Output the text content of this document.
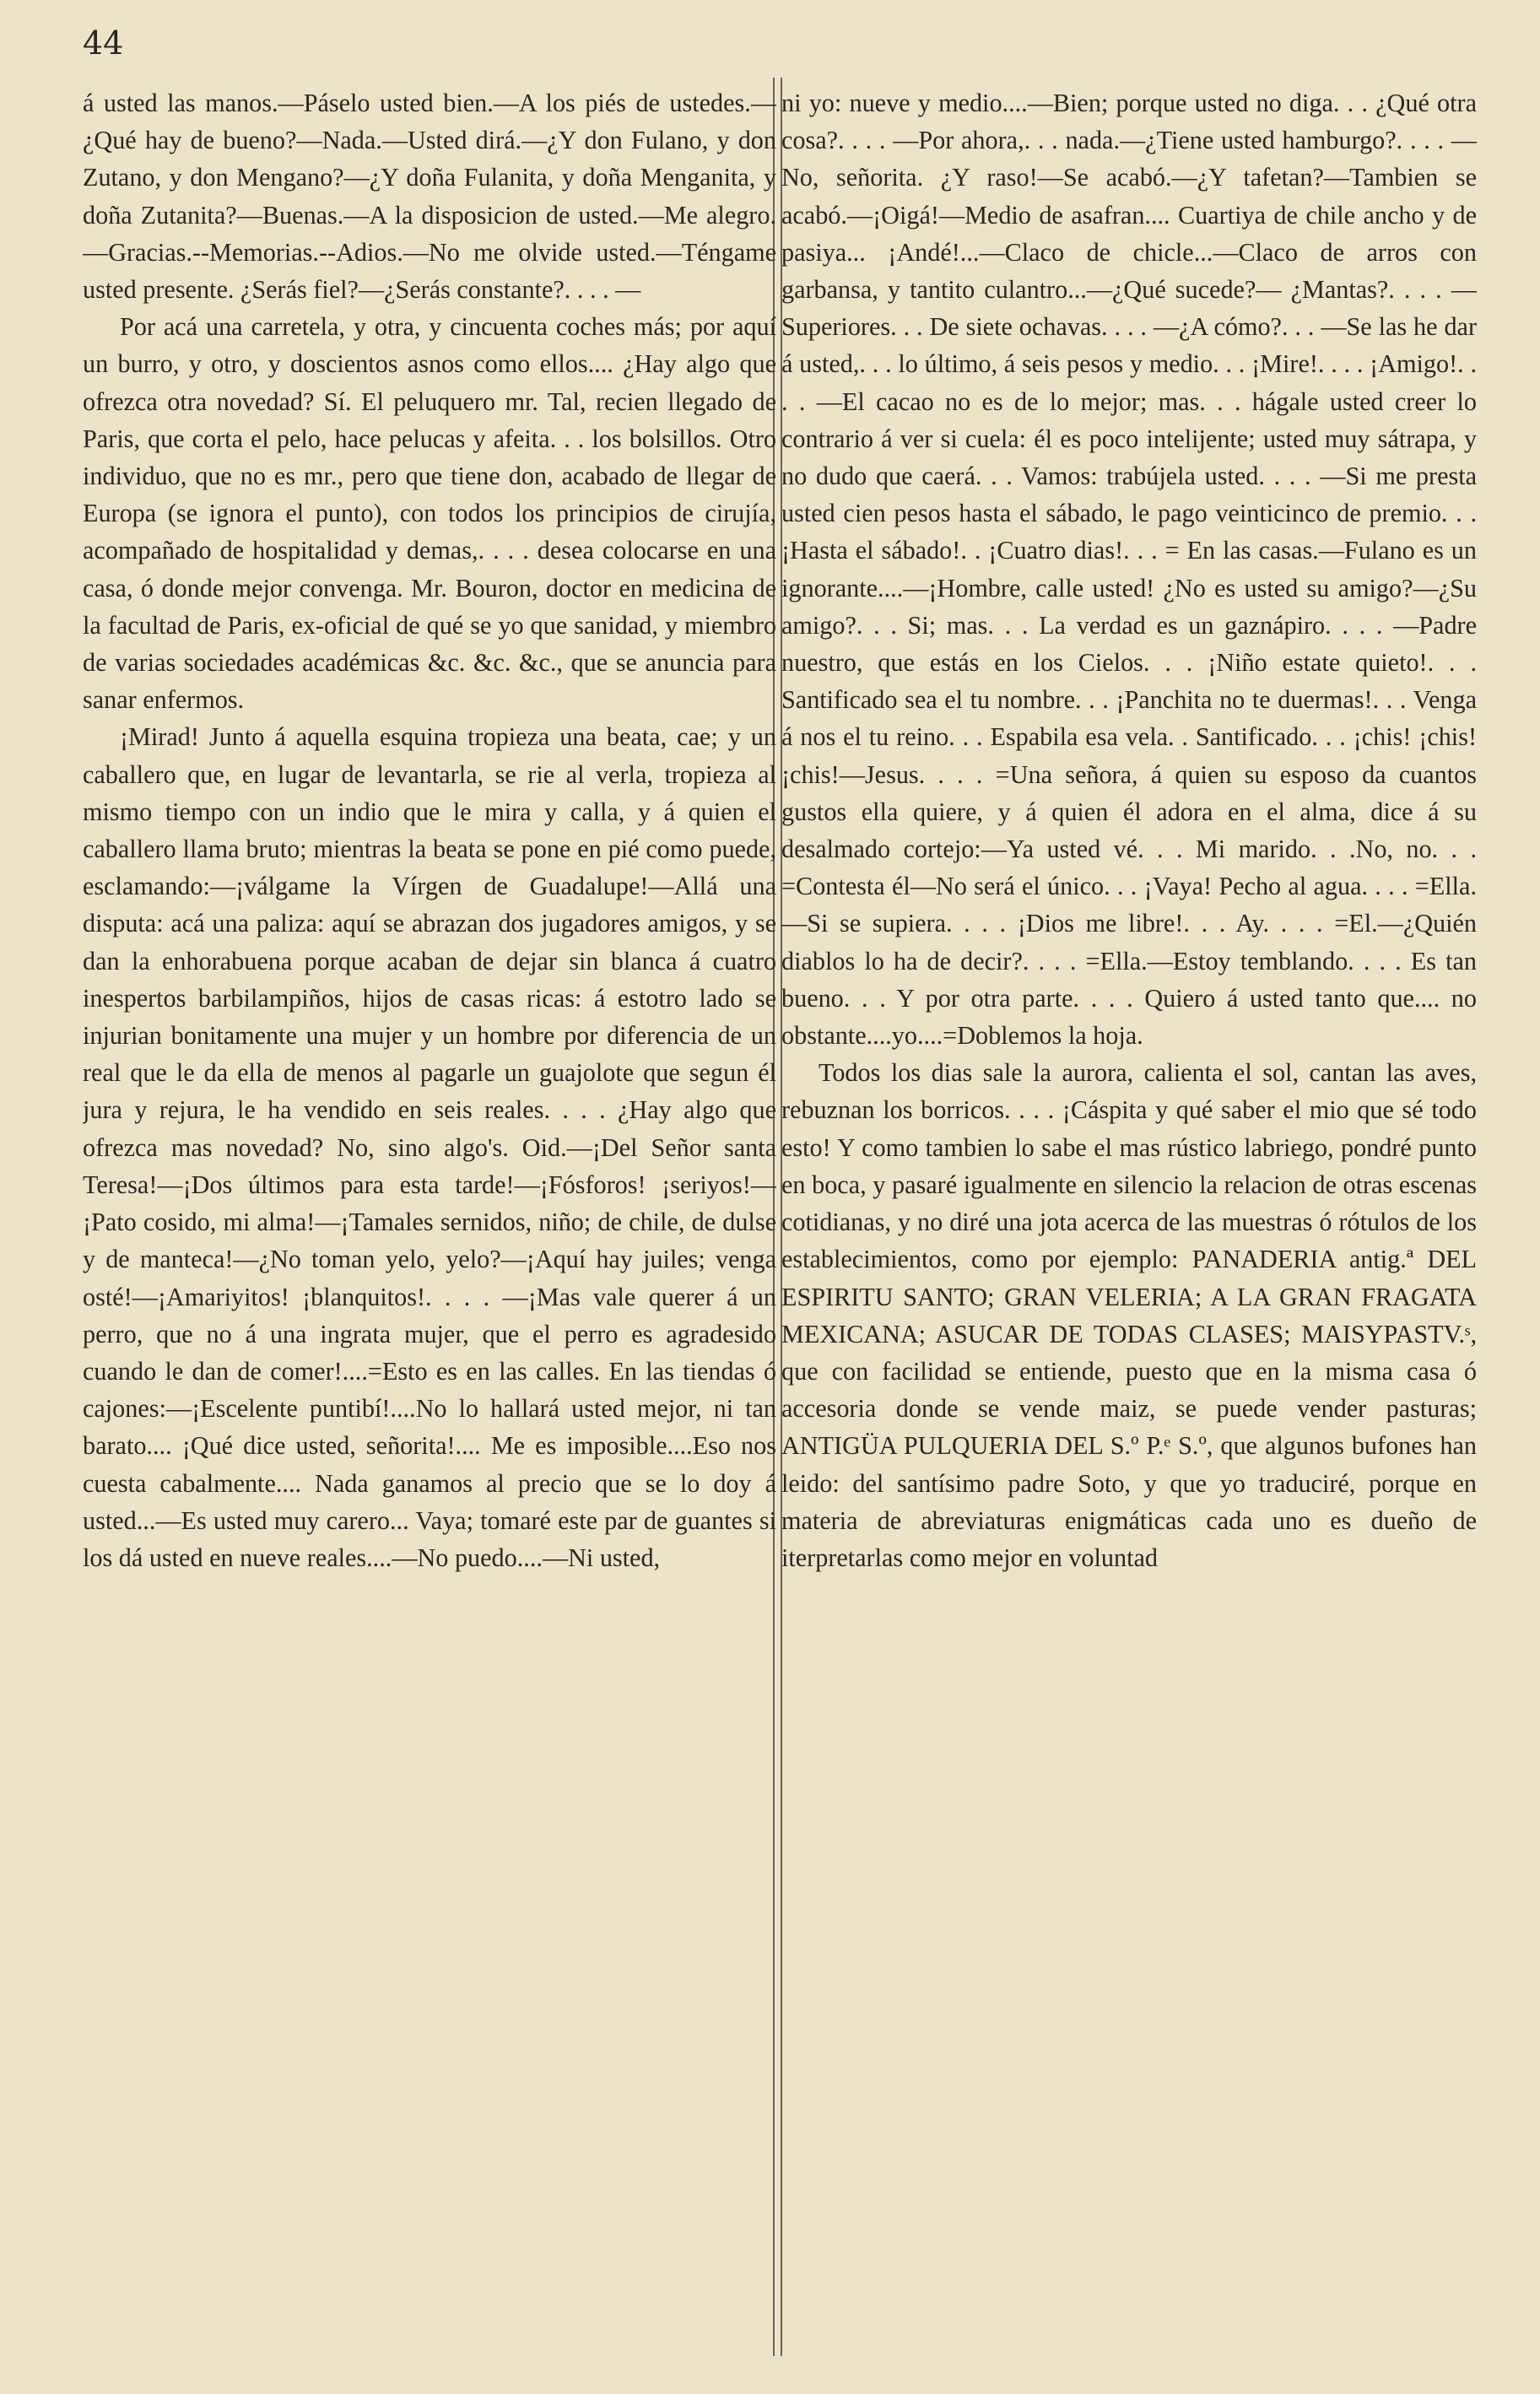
44

á usted las manos.—Páselo usted bien.—A los piés de ustedes.—¿Qué hay de bueno?—Nada.—Usted dirá.—¿Y don Fulano, y don Zutano, y don Mengano?—¿Y doña Fulanita, y doña Menganita, y doña Zutanita?—Buenas.—A la disposicion de usted.—Me alegro.—Gracias.--Memorias.--Adios.—No me olvide usted.—Téngame usted presente. ¿Serás fiel?—¿Serás constante?. . . . —

Por acá una carretela, y otra, y cincuenta coches más; por aquí un burro, y otro, y doscientos asnos como ellos.... ¿Hay algo que ofrezca otra novedad? Sí. El peluquero mr. Tal, recien llegado de Paris, que corta el pelo, hace pelucas y afeita. . . los bolsillos. Otro individuo, que no es mr., pero que tiene don, acabado de llegar de Europa (se ignora el punto), con todos los principios de cirujía, acompañado de hospitalidad y demas,. . . . desea colocarse en una casa, ó donde mejor convenga. Mr. Bouron, doctor en medicina de la facultad de Paris, ex-oficial de qué se yo que sanidad, y miembro de varias sociedades académicas &c. &c. &c., que se anuncia para sanar enfermos.

¡Mirad! Junto á aquella esquina tropieza una beata, cae; y un caballero que, en lugar de levantarla, se rie al verla, tropieza al mismo tiempo con un indio que le mira y calla, y á quien el caballero llama bruto; mientras la beata se pone en pié como puede, esclamando:—¡válgame la Vírgen de Guadalupe!—Allá una disputa: acá una paliza: aquí se abrazan dos jugadores amigos, y se dan la enhorabuena porque acaban de dejar sin blanca á cuatro inespertos barbilampiños, hijos de casas ricas: á estotro lado se injurian bonitamente una mujer y un hombre por diferencia de un real que le da ella de menos al pagarle un guajolote que segun él jura y rejura, le ha vendido en seis reales. . . . ¿Hay algo que ofrezca mas novedad? No, sino algo's. Oid.—¡Del Señor santa Teresa!—¡Dos últimos para esta tarde!—¡Fósforos! ¡seriyos!—¡Pato cosido, mi alma!—¡Tamales sernidos, niño; de chile, de dulse y de manteca!—¿No toman yelo, yelo?—¡Aquí hay juiles; venga osté!—¡Amariyitos! ¡blanquitos!. . . . —¡Mas vale querer á un perro, que no á una ingrata mujer, que el perro es agradesido cuando le dan de comer!....=Esto es en las calles. En las tiendas ó cajones:—¡Escelente puntibí!....No lo hallará usted mejor, ni tan barato.... ¡Qué dice usted, señorita!.... Me es imposible....Eso nos cuesta cabalmente.... Nada ganamos al precio que se lo doy á usted...—Es usted muy carero... Vaya; tomaré este par de guantes si los dá usted en nueve reales....—No puedo....—Ni usted,

ni yo: nueve y medio....—Bien; porque usted no diga. . . ¿Qué otra cosa?. . . . —Por ahora,. . . nada.—¿Tiene usted hamburgo?. . . . —No, señorita. ¿Y raso!—Se acabó.—¿Y tafetan?—Tambien se acabó.—¡Oigá!—Medio de asafran.... Cuartiya de chile ancho y de pasiya... ¡Andé!...—Claco de chicle...—Claco de arros con garbansa, y tantito culantro...—¿Qué sucede?— ¿Mantas?. . . . —Superiores. . . De siete ochavas. . . . —¿A cómo?. . . —Se las he dar á usted,. . . lo último, á seis pesos y medio. . . ¡Mire!. . . . ¡Amigo!. . . . —El cacao no es de lo mejor; mas. . . hágale usted creer lo contrario á ver si cuela: él es poco intelijente; usted muy sátrapa, y no dudo que caerá. . . Vamos: trabújela usted. . . . —Si me presta usted cien pesos hasta el sábado, le pago veinticinco de premio. . . ¡Hasta el sábado!. . ¡Cuatro dias!. . . = En las casas.—Fulano es un ignorante....—¡Hombre, calle usted! ¿No es usted su amigo?—¿Su amigo?. . . Si; mas. . . La verdad es un gaznápiro. . . . —Padre nuestro, que estás en los Cielos. . . ¡Niño estate quieto!. . . Santificado sea el tu nombre. . . ¡Panchita no te duermas!. . . Venga á nos el tu reino. . . Espabila esa vela. . Santificado. . . ¡chis! ¡chis! ¡chis!—Jesus. . . . =Una señora, á quien su esposo da cuantos gustos ella quiere, y á quien él adora en el alma, dice á su desalmado cortejo:—Ya usted vé. . . Mi marido. . .No, no. . . =Contesta él—No será el único. . . ¡Vaya! Pecho al agua. . . . =Ella.—Si se supiera. . . . ¡Dios me libre!. . . Ay. . . . =El.—¿Quién diablos lo ha de decir?. . . . =Ella.—Estoy temblando. . . . Es tan bueno. . . Y por otra parte. . . . Quiero á usted tanto que.... no obstante....yo....=Doblemos la hoja.

Todos los dias sale la aurora, calienta el sol, cantan las aves, rebuznan los borricos. . . . ¡Cáspita y qué saber el mio que sé todo esto! Y como tambien lo sabe el mas rústico labriego, pondré punto en boca, y pasaré igualmente en silencio la relacion de otras escenas cotidianas, y no diré una jota acerca de las muestras ó rótulos de los establecimientos, como por ejemplo: PANADERIA antig.ª DEL ESPIRITU SANTO; GRAN VELERIA; A LA GRAN FRAGATA MEXICANA; ASUCAR DE TODAS CLASES; MAISYPASTV.ˢ, que con facilidad se entiende, puesto que en la misma casa ó accesoria donde se vende maiz, se puede vender pasturas; ANTIGÜA PULQUERIA DEL S.º P.ᵉ S.º, que algunos bufones han leido: del santísimo padre Soto, y que yo traduciré, porque en materia de abreviaturas enigmáticas cada uno es dueño de iterpretarlas como mejor en voluntad
